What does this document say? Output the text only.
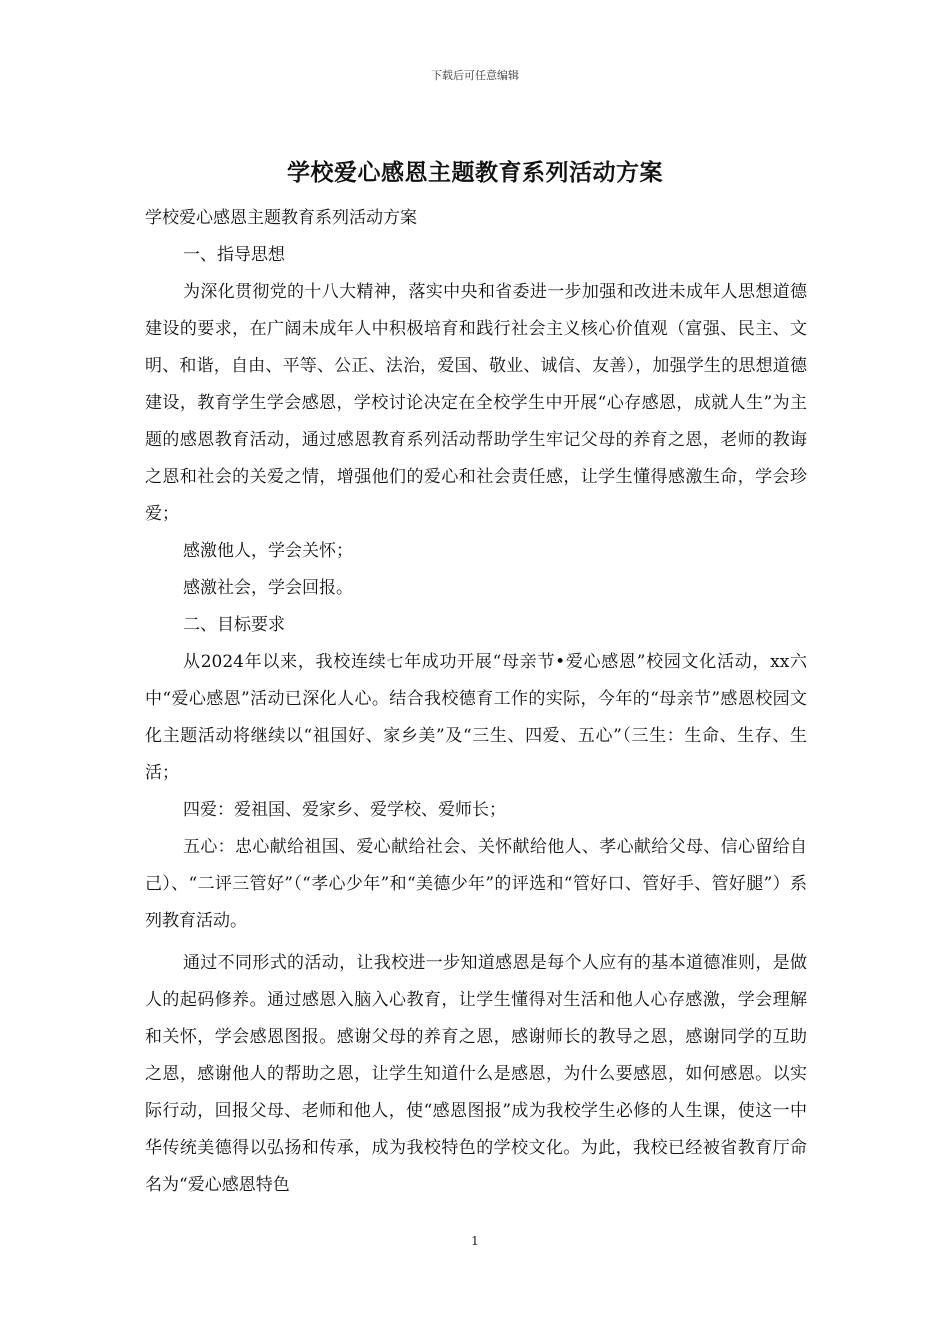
下载后可任意编辑
学校爱心感恩主题教育系列活动方案

学校爱心感恩主题教育系列活动方案

一、指导思想

为深化贯彻党的十八大精神，落实中央和省委进一步加强和改进未成年人思想道德建设的要求，在广阔未成年人中积极培育和践行社会主义核心价值观（富强、民主、文明、和谐，自由、平等、公正、法治，爱国、敬业、诚信、友善），加强学生的思想道德建设，教育学生学会感恩，学校讨论决定在全校学生中开展“心存感恩，成就人生”为主题的感恩教育活动，通过感恩教育系列活动帮助学生牢记父母的养育之恩，老师的教诲之恩和社会的关爱之情，增强他们的爱心和社会责任感，让学生懂得感激生命，学会珍爱；

感激他人，学会关怀；

感激社会，学会回报。

二、目标要求

从2024年以来，我校连续七年成功开展“母亲节•爱心感恩”校园文化活动，xx六中“爱心感恩”活动已深化人心。结合我校德育工作的实际，今年的“母亲节”感恩校园文化主题活动将继续以“祖国好、家乡美”及“三生、四爱、五心”（三生：生命、生存、生活；

四爱：爱祖国、爱家乡、爱学校、爱师长；

五心：忠心献给祖国、爱心献给社会、关怀献给他人、孝心献给父母、信心留给自己）、“二评三管好”（“孝心少年”和“美德少年”的评选和“管好口、管好手、管好腿”）系列教育活动。

通过不同形式的活动，让我校进一步知道感恩是每个人应有的基本道德准则，是做人的起码修养。通过感恩入脑入心教育，让学生懂得对生活和他人心存感激，学会理解和关怀，学会感恩图报。感谢父母的养育之恩，感谢师长的教导之恩，感谢同学的互助之恩，感谢他人的帮助之恩，让学生知道什么是感恩，为什么要感恩，如何感恩。以实际行动，回报父母、老师和他人，使“感恩图报”成为我校学生必修的人生课，使这一中华传统美德得以弘扬和传承，成为我校特色的学校文化。为此，我校已经被省教育厅命名为“爱心感恩特色

1
